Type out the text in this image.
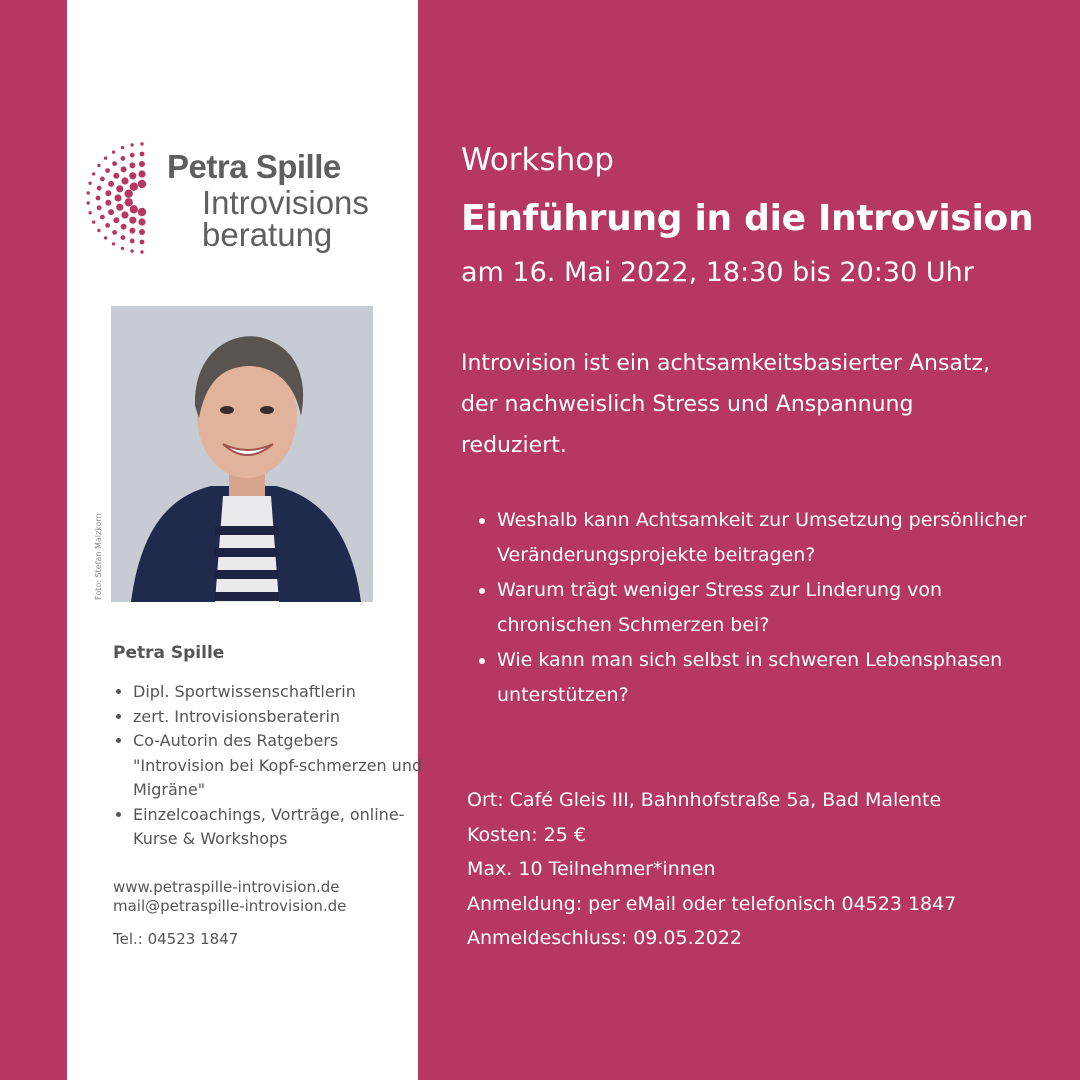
Petra Spille

Introvisions

beratung

Foto: Stefan Malzkorn

Petra Spille

• Dipl. Sportwissenschaftlerin
• zert. Introvisionsberaterin
• Co-Autorin des Ratgebers "Introvision bei Kopf-schmerzen und Migräne"
• Einzelcoachings, Vorträge, online-Kurse & Workshops
www.petraspille-introvision.de
mail@petraspille-introvision.de

Tel.: 04523 1847

Workshop

Einführung in die Introvision

am 16. Mai 2022, 18:30 bis 20:30 Uhr

Introvision ist ein achtsamkeitsbasierter Ansatz, der nachweislich Stress und Anspannung reduziert.

• Weshalb kann Achtsamkeit zur Umsetzung persönlicher Veränderungsprojekte beitragen?
• Warum trägt weniger Stress zur Linderung von chronischen Schmerzen bei?
• Wie kann man sich selbst in schweren Lebensphasen unterstützen?
Ort: Café Gleis III, Bahnhofstraße 5a, Bad Malente
Kosten: 25 €
Max. 10 Teilnehmer*innen
Anmeldung: per eMail oder telefonisch 04523 1847
Anmeldeschluss: 09.05.2022
